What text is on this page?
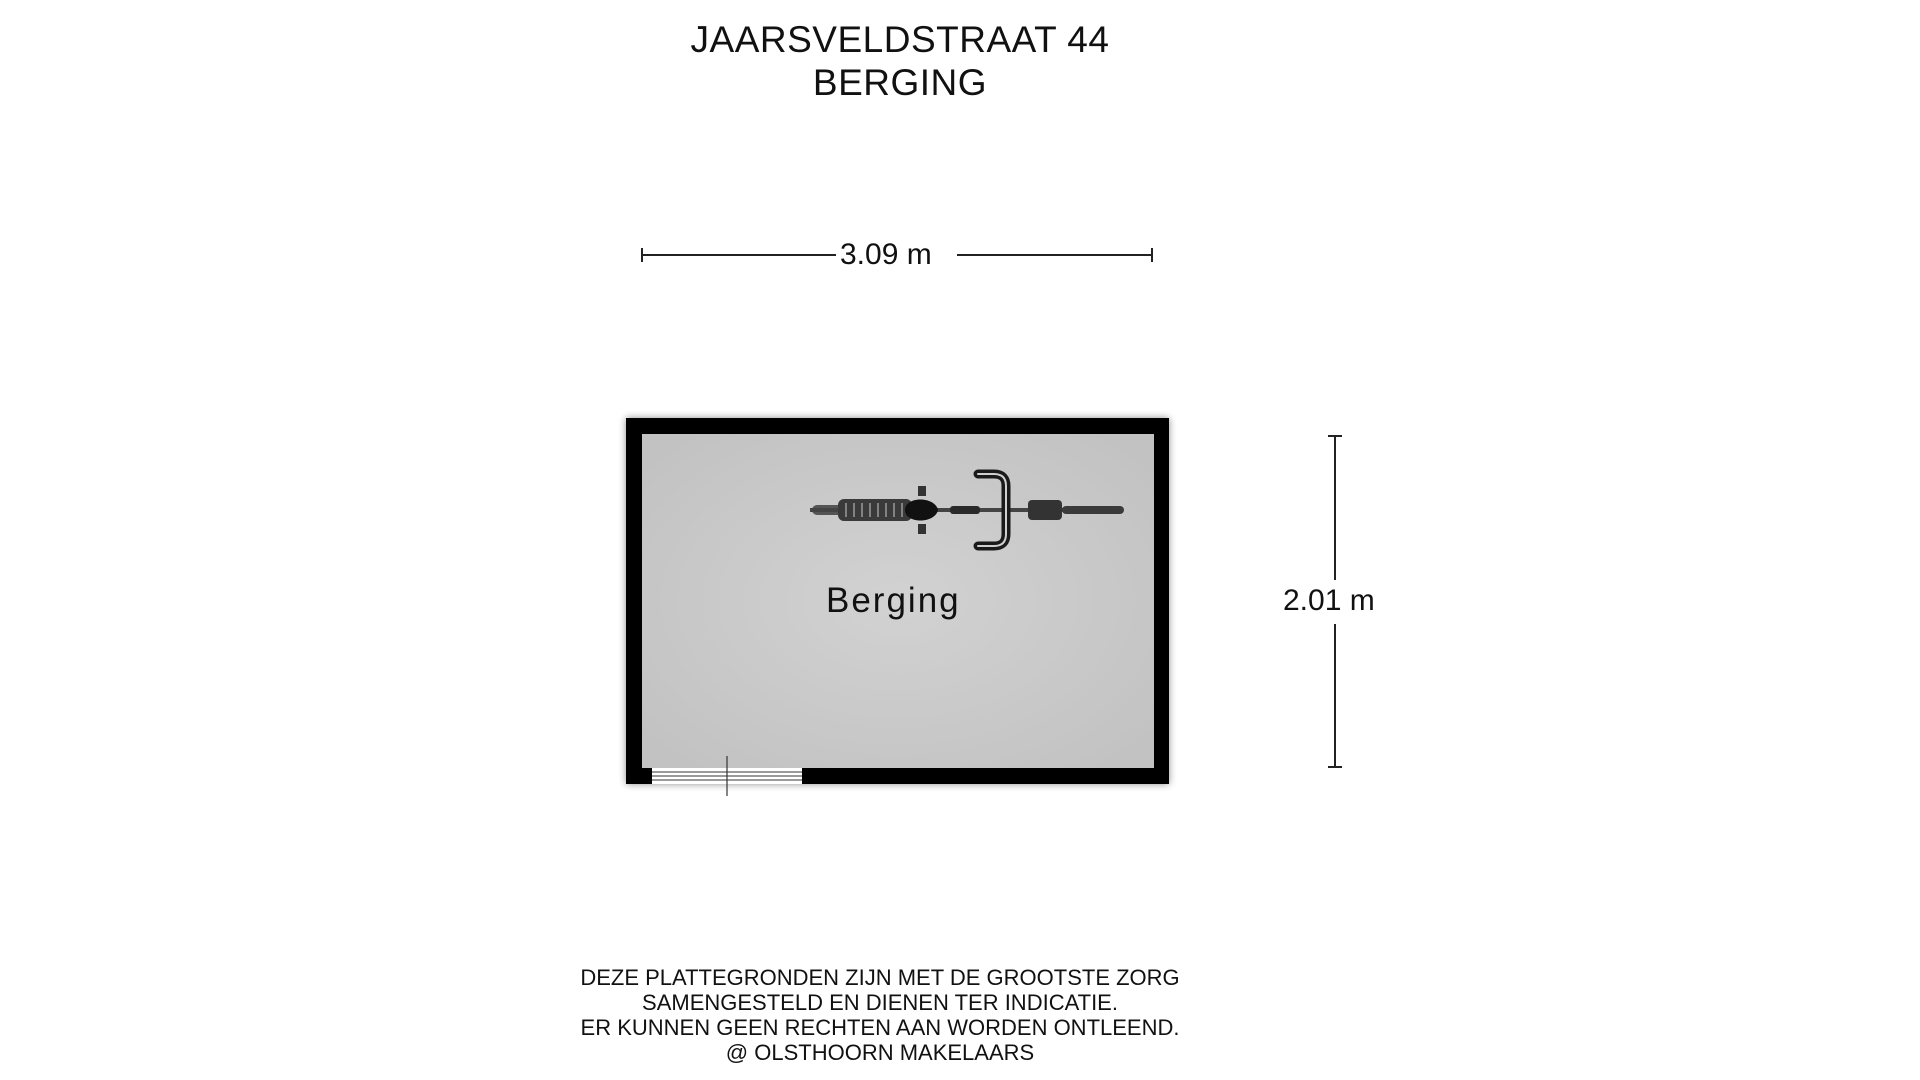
JAARSVELDSTRAAT 44
BERGING
3.09 m
2.01 m
Berging
DEZE PLATTEGRONDEN ZIJN MET DE GROOTSTE ZORG
SAMENGESTELD EN DIENEN TER INDICATIE.
ER KUNNEN GEEN RECHTEN AAN WORDEN ONTLEEND.
@ OLSTHOORN MAKELAARS
